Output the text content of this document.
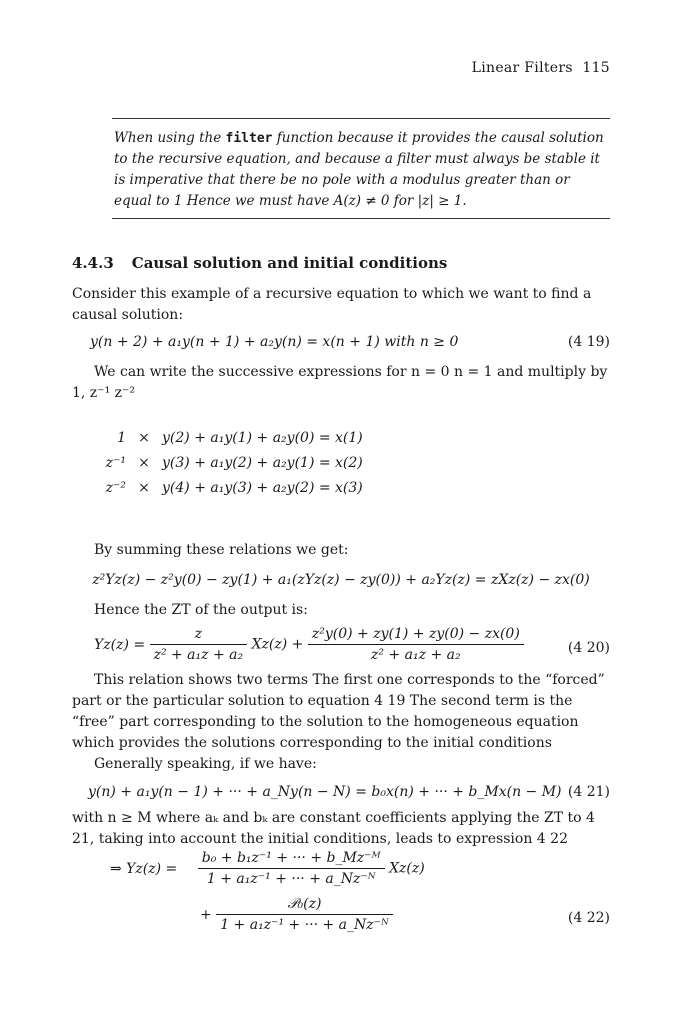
Linear Filters 115
When using the filter function because it provides the causal solution to the recursive equation, and because a filter must always be stable it is imperative that there be no pole with a modulus greater than or equal to 1 Hence we must have A(z) ≠ 0 for |z| ≥ 1.
4.4.3 Causal solution and initial conditions
Consider this example of a recursive equation to which we want to find a causal solution:
y(n + 2) + a₁y(n + 1) + a₂y(n) = x(n + 1) with n ≥ 0	(4 19)
We can write the successive expressions for n = 0 n = 1 and multiply by 1, z⁻¹ z⁻²
1 × y(2) + a₁y(1) + a₂y(0) = x(1)
z⁻¹ × y(3) + a₁y(2) + a₂y(1) = x(2)
z⁻² × y(4) + a₁y(3) + a₂y(2) = x(3)
By summing these relations we get:
z²Yz(z) − z²y(0) − zy(1) + a₁(zYz(z) − zy(0)) + a₂Yz(z) = zXz(z) − zx(0)
Hence the ZT of the output is:
$Yz(z) = \frac{z}{\text{z² + a₁z + a₂}} Xz(z) + \frac{\text{z²y(0) + zy(1) + zy(0) − zx(0)}}{\text{z² + a₁z + a₂}}$	(4 20)
This relation shows two terms The first one corresponds to the “forced” part or the particular solution to equation 4 19 The second term is the “free” part corresponding to the solution to the homogeneous equation which provides the solutions corresponding to the initial conditions
Generally speaking, if we have:
y(n) + a₁y(n − 1) + ··· + a_Ny(n − N) = b₀x(n) + ··· + b_Mx(n − M) (4 21)
with n ≥ M where aₖ and bₖ are constant coefficients applying the ZT to 4 21, taking into account the initial conditions, leads to expression 4 22
⇒ $Yz(z) = \frac{\text{b₀ + b₁z⁻¹ + ··· + b\_Mz⁻ᴹ}}{\text{1 + a₁z⁻¹ + ··· + a\_Nz⁻ᴺ}} Xz(z)$
+ $\frac{\text{𝒫₀(z)}}{\text{1 + a₁z⁻¹ + ··· + a\_Nz⁻ᴺ}}$	(4 22)
